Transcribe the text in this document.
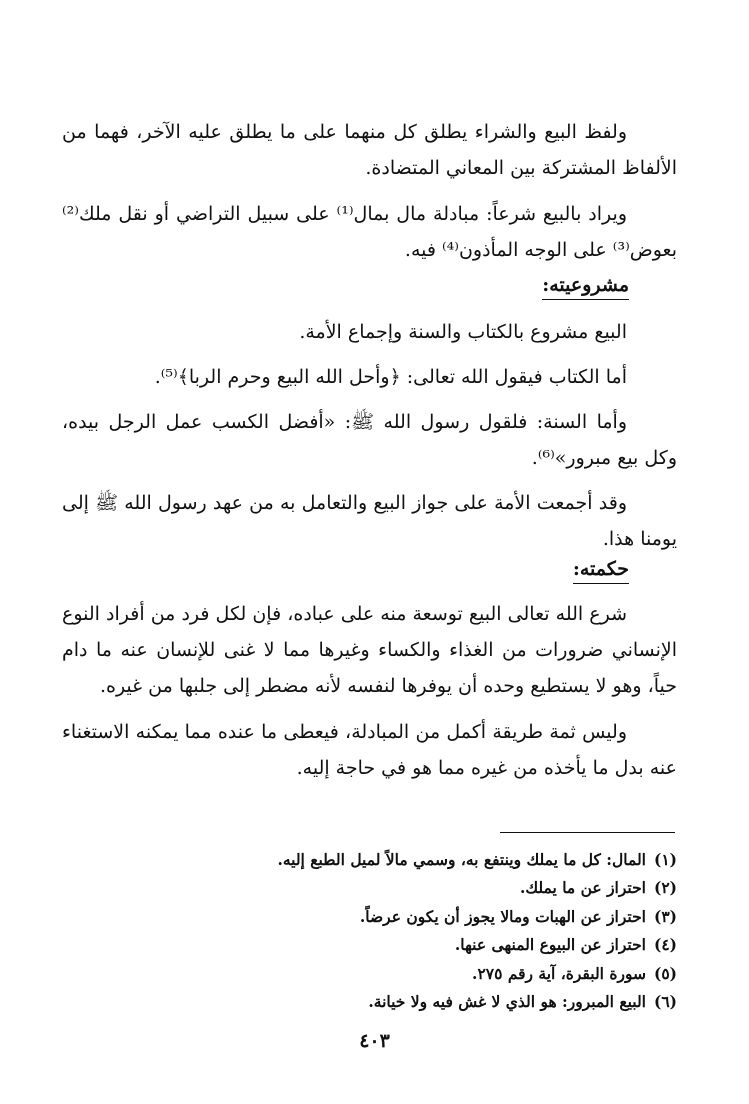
ولفظ البيع والشراء يطلق كل منهما على ما يطلق عليه الآخر، فهما من الألفاظ المشتركة بين المعاني المتضادة.

ويراد بالبيع شرعاً: مبادلة مال بمال⁽¹⁾ على سبيل التراضي أو نقل ملك⁽²⁾ بعوض⁽³⁾ على الوجه المأذون⁽⁴⁾ فيه.

مشروعيته:

البيع مشروع بالكتاب والسنة وإجماع الأمة.

أما الكتاب فيقول الله تعالى: ﴿وأحل الله البيع وحرم الربا﴾⁽⁵⁾.

وأما السنة: فلقول رسول الله ﷺ: «أفضل الكسب عمل الرجل بيده، وكل بيع مبرور»⁽⁶⁾.

وقد أجمعت الأمة على جواز البيع والتعامل به من عهد رسول الله ﷺ إلى يومنا هذا.

حكمته:

شرع الله تعالى البيع توسعة منه على عباده، فإن لكل فرد من أفراد النوع الإنساني ضرورات من الغذاء والكساء وغيرها مما لا غنى للإنسان عنه ما دام حياً، وهو لا يستطيع وحده أن يوفرها لنفسه لأنه مضطر إلى جلبها من غيره.

وليس ثمة طريقة أكمل من المبادلة، فيعطى ما عنده مما يمكنه الاستغناء عنه بدل ما يأخذه من غيره مما هو في حاجة إليه.

(١)المال: كل ما يملك وينتفع به، وسمي مالاً لميل الطبع إليه.

(٢)احتراز عن ما يملك.

(٣)احتراز عن الهبات ومالا يجوز أن يكون عرضاً.

(٤)احتراز عن البيوع المنهى عنها.

(٥)سورة البقرة، آية رقم ٢٧٥.

(٦)البيع المبرور: هو الذي لا غش فيه ولا خيانة.

٤٠٣
